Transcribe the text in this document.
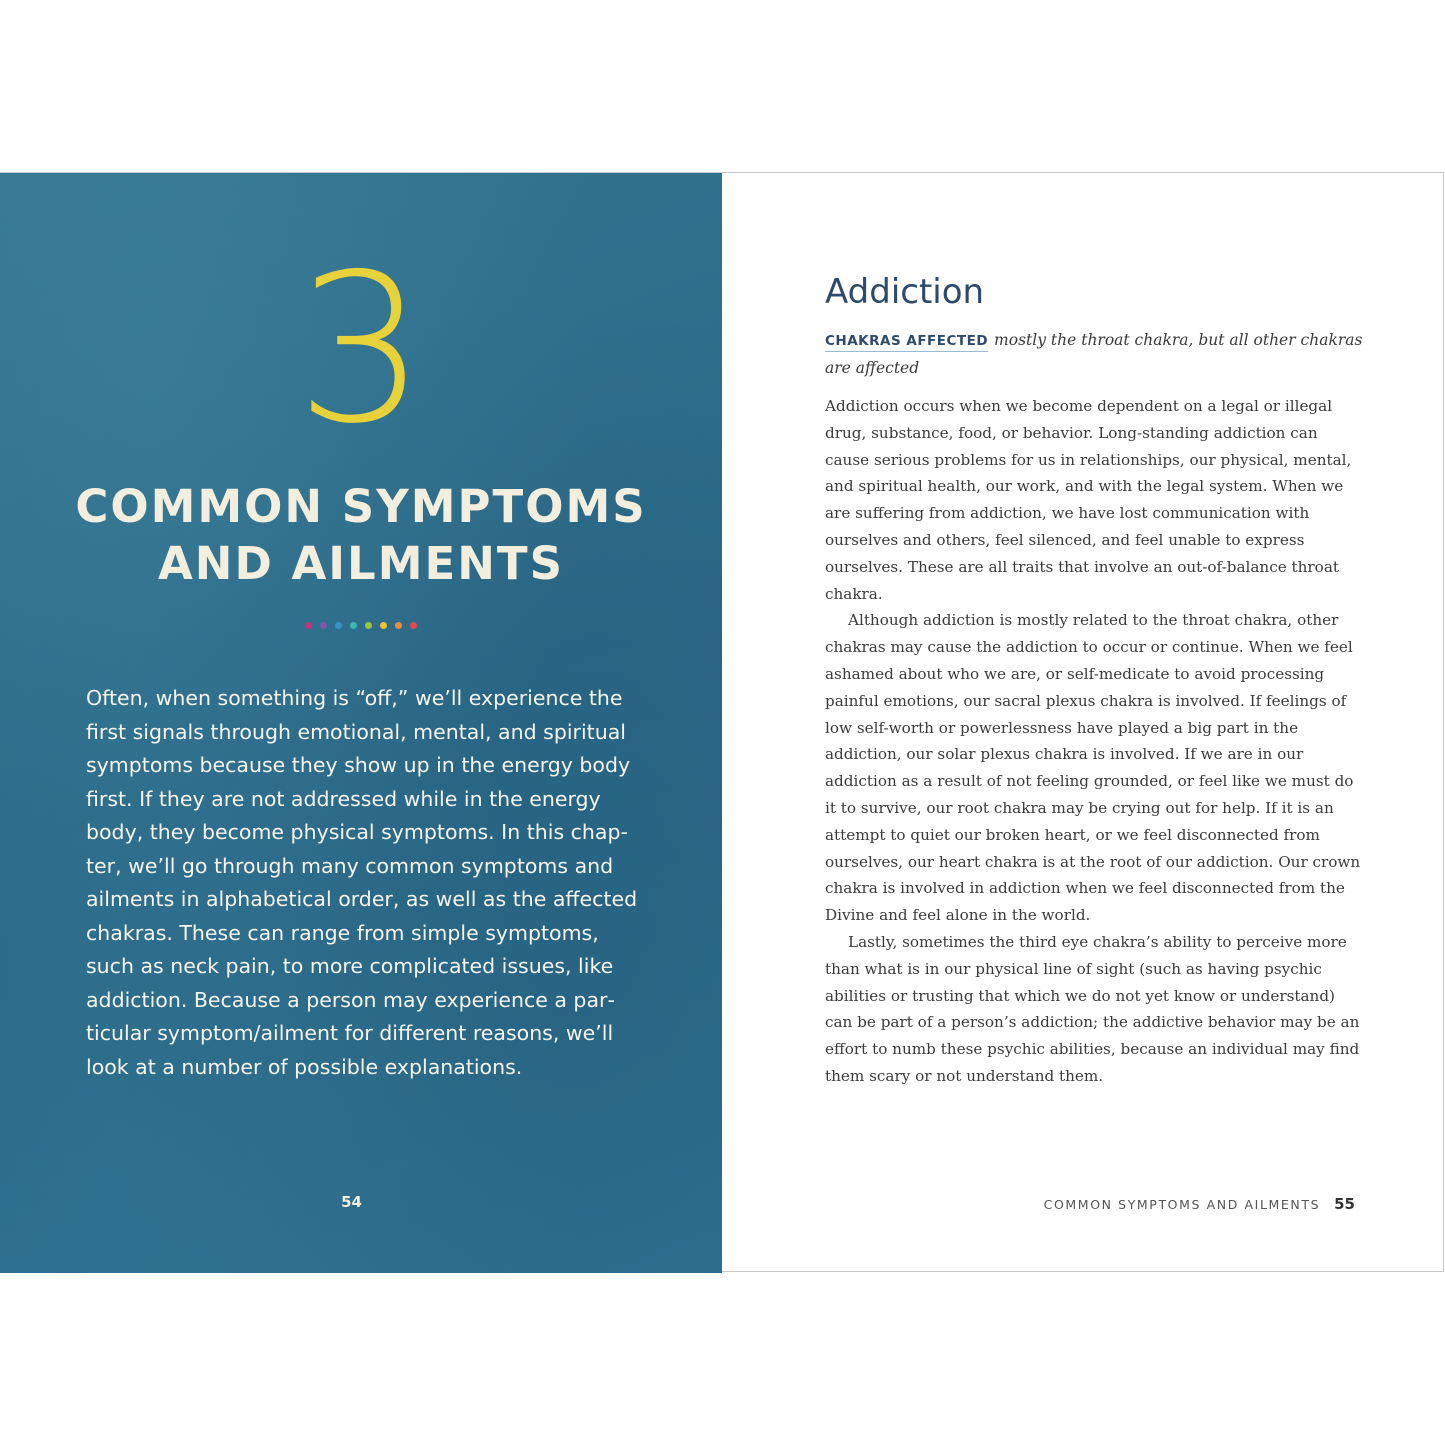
3
COMMON SYMPTOMS
AND AILMENTS

Often, when something is “off,” we’ll experience the first signals through emotional, mental, and spiritual symptoms because they show up in the energy body first. If they are not addressed while in the energy body, they become physical symptoms. In this chapter, we’ll go through many common symptoms and ailments in alphabetical order, as well as the affected chakras. These can range from simple symptoms, such as neck pain, to more complicated issues, like addiction. Because a person may experience a particular symptom/ailment for different reasons, we’ll look at a number of possible explanations.

54
Addiction

CHAKRAS AFFECTED mostly the throat chakra, but all other chakras are affected

Addiction occurs when we become dependent on a legal or illegal drug, substance, food, or behavior. Long-standing addiction can cause serious problems for us in relationships, our physical, mental, and spiritual health, our work, and with the legal system. When we are suffering from addiction, we have lost communication with ourselves and others, feel silenced, and feel unable to express ourselves. These are all traits that involve an out-of-balance throat chakra.

Although addiction is mostly related to the throat chakra, other chakras may cause the addiction to occur or continue. When we feel ashamed about who we are, or self-medicate to avoid processing painful emotions, our sacral plexus chakra is involved. If feelings of low self-worth or powerlessness have played a big part in the addiction, our solar plexus chakra is involved. If we are in our addiction as a result of not feeling grounded, or feel like we must do it to survive, our root chakra may be crying out for help. If it is an attempt to quiet our broken heart, or we feel disconnected from ourselves, our heart chakra is at the root of our addiction. Our crown chakra is involved in addiction when we feel disconnected from the Divine and feel alone in the world.

Lastly, sometimes the third eye chakra’s ability to perceive more than what is in our physical line of sight (such as having psychic abilities or trusting that which we do not yet know or understand) can be part of a person’s addiction; the addictive behavior may be an effort to numb these psychic abilities, because an individual may find them scary or not understand them.

COMMON SYMPTOMS AND AILMENTS 55
